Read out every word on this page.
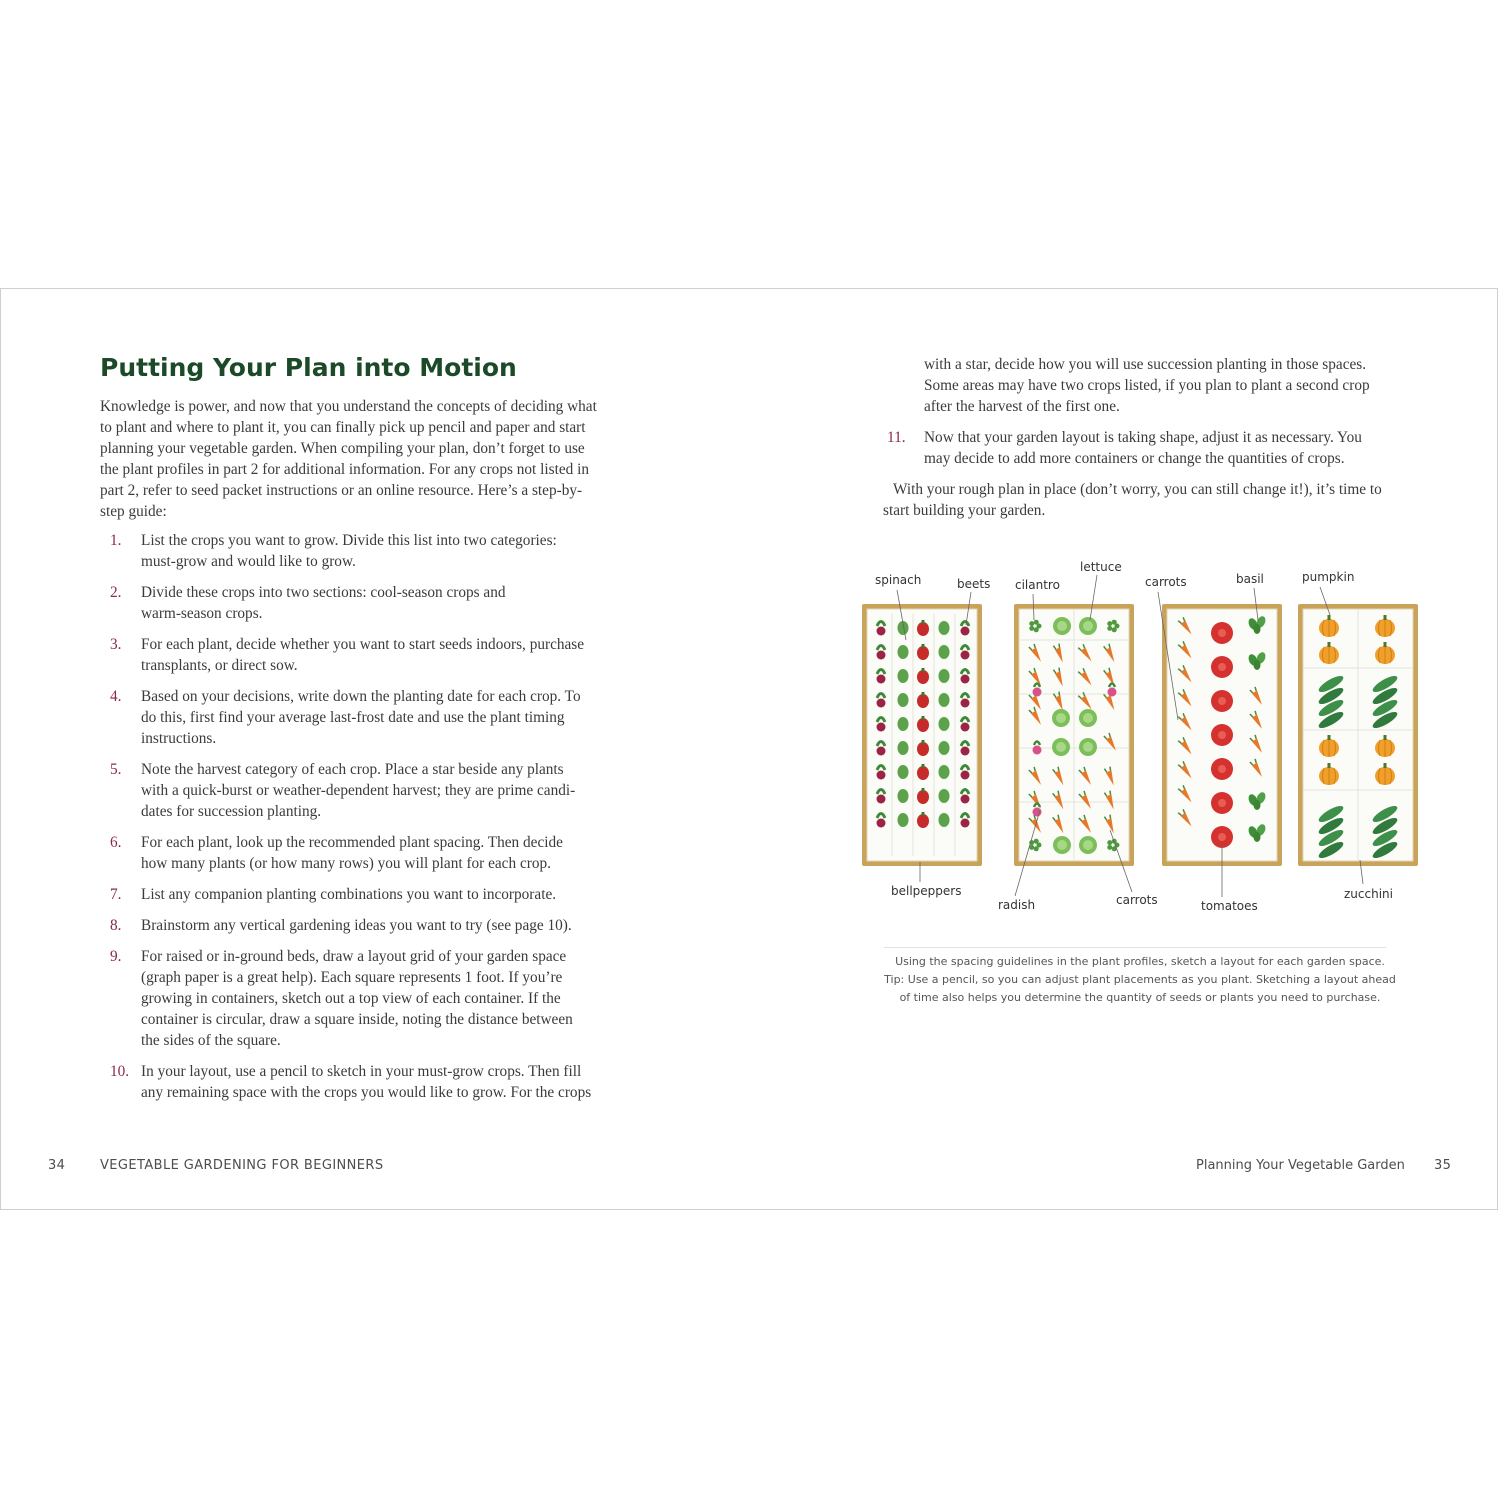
Putting Your Plan into Motion
Knowledge is power, and now that you understand the concepts of deciding what
to plant and where to plant it, you can finally pick up pencil and paper and start
planning your vegetable garden. When compiling your plan, don’t forget to use
the plant profiles in part 2 for additional information. For any crops not listed in
part 2, refer to seed packet instructions or an online resource. Here’s a step-by-
step guide:
1.	List the crops you want to grow. Divide this list into two categories:
must-grow and would like to grow.
2.	Divide these crops into two sections: cool-season crops and
warm-season crops.
3.	For each plant, decide whether you want to start seeds indoors, purchase
transplants, or direct sow.
4.	Based on your decisions, write down the planting date for each crop. To
do this, first find your average last-frost date and use the plant timing
instructions.
5.	Note the harvest category of each crop. Place a star beside any plants
with a quick-burst or weather-dependent harvest; they are prime candi-
dates for succession planting.
6.	For each plant, look up the recommended plant spacing. Then decide
how many plants (or how many rows) you will plant for each crop.
7.	List any companion planting combinations you want to incorporate.
8.	Brainstorm any vertical gardening ideas you want to try (see page 10).
9.	For raised or in-ground beds, draw a layout grid of your garden space
(graph paper is a great help). Each square represents 1 foot. If you’re
growing in containers, sketch out a top view of each container. If the
container is circular, draw a square inside, noting the distance between
the sides of the square.
10. In your layout, use a pencil to sketch in your must-grow crops. Then fill
any remaining space with the crops you would like to grow. For the crops
34	VEGETABLE GARDENING FOR BEGINNERS
with a star, decide how you will use succession planting in those spaces.
Some areas may have two crops listed, if you plan to plant a second crop
after the harvest of the first one.
11.	Now that your garden layout is taking shape, adjust it as necessary. You
may decide to add more containers or change the quantities of crops.
With your rough plan in place (don’t worry, you can still change it!), it’s time to
start building your garden.
spinach	beets cilantro
lettuce
carrots	basil	pumpkin
bellpeppers
radish	carrots	tomatoes
zucchini
Using the spacing guidelines in the plant profiles, sketch a layout for each garden space.
Tip: Use a pencil, so you can adjust plant placements as you plant. Sketching a layout ahead
of time also helps you determine the quantity of seeds or plants you need to purchase.
Planning Your Vegetable Garden 35
